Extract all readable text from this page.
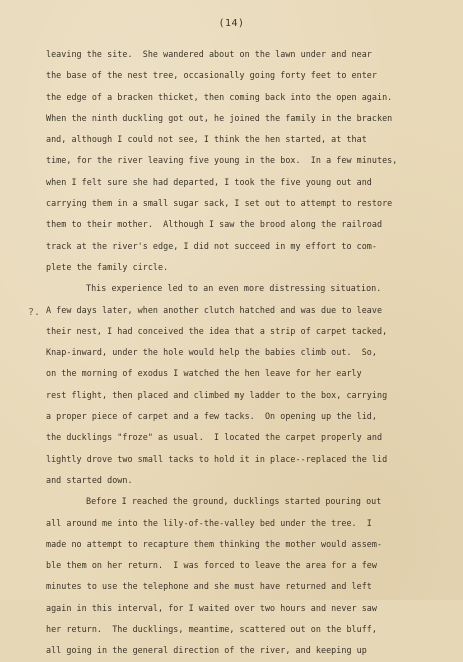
(14)
?.
leaving the site.  She wandered about on the lawn under and near
the base of the nest tree, occasionally going forty feet to enter
the edge of a bracken thicket, then coming back into the open again.
When the ninth duckling got out, he joined the family in the bracken
and, although I could not see, I think the hen started, at that
time, for the river leaving five young in the box.  In a few minutes,
when I felt sure she had departed, I took the five young out and
carrying them in a small sugar sack, I set out to attempt to restore
them to their mother.  Although I saw the brood along the railroad
track at the river's edge, I did not succeed in my effort to com-
plete the family circle.
This experience led to an even more distressing situation.
A few days later, when another clutch hatched and was due to leave
their nest, I had conceived the idea that a strip of carpet tacked,
Knap-inward, under the hole would help the babies climb out.  So,
on the morning of exodus I watched the hen leave for her early
rest flight, then placed and climbed my ladder to the box, carrying
a proper piece of carpet and a few tacks.  On opening up the lid,
the ducklings "froze" as usual.  I located the carpet properly and
lightly drove two small tacks to hold it in place--replaced the lid
and started down.
Before I reached the ground, ducklings started pouring out
all around me into the lily-of-the-valley bed under the tree.  I
made no attempt to recapture them thinking the mother would assem-
ble them on her return.  I was forced to leave the area for a few
minutes to use the telephone and she must have returned and left
again in this interval, for I waited over two hours and never saw
her return.  The ducklings, meantime, scattered out on the bluff,
all going in the general direction of the river, and keeping up
